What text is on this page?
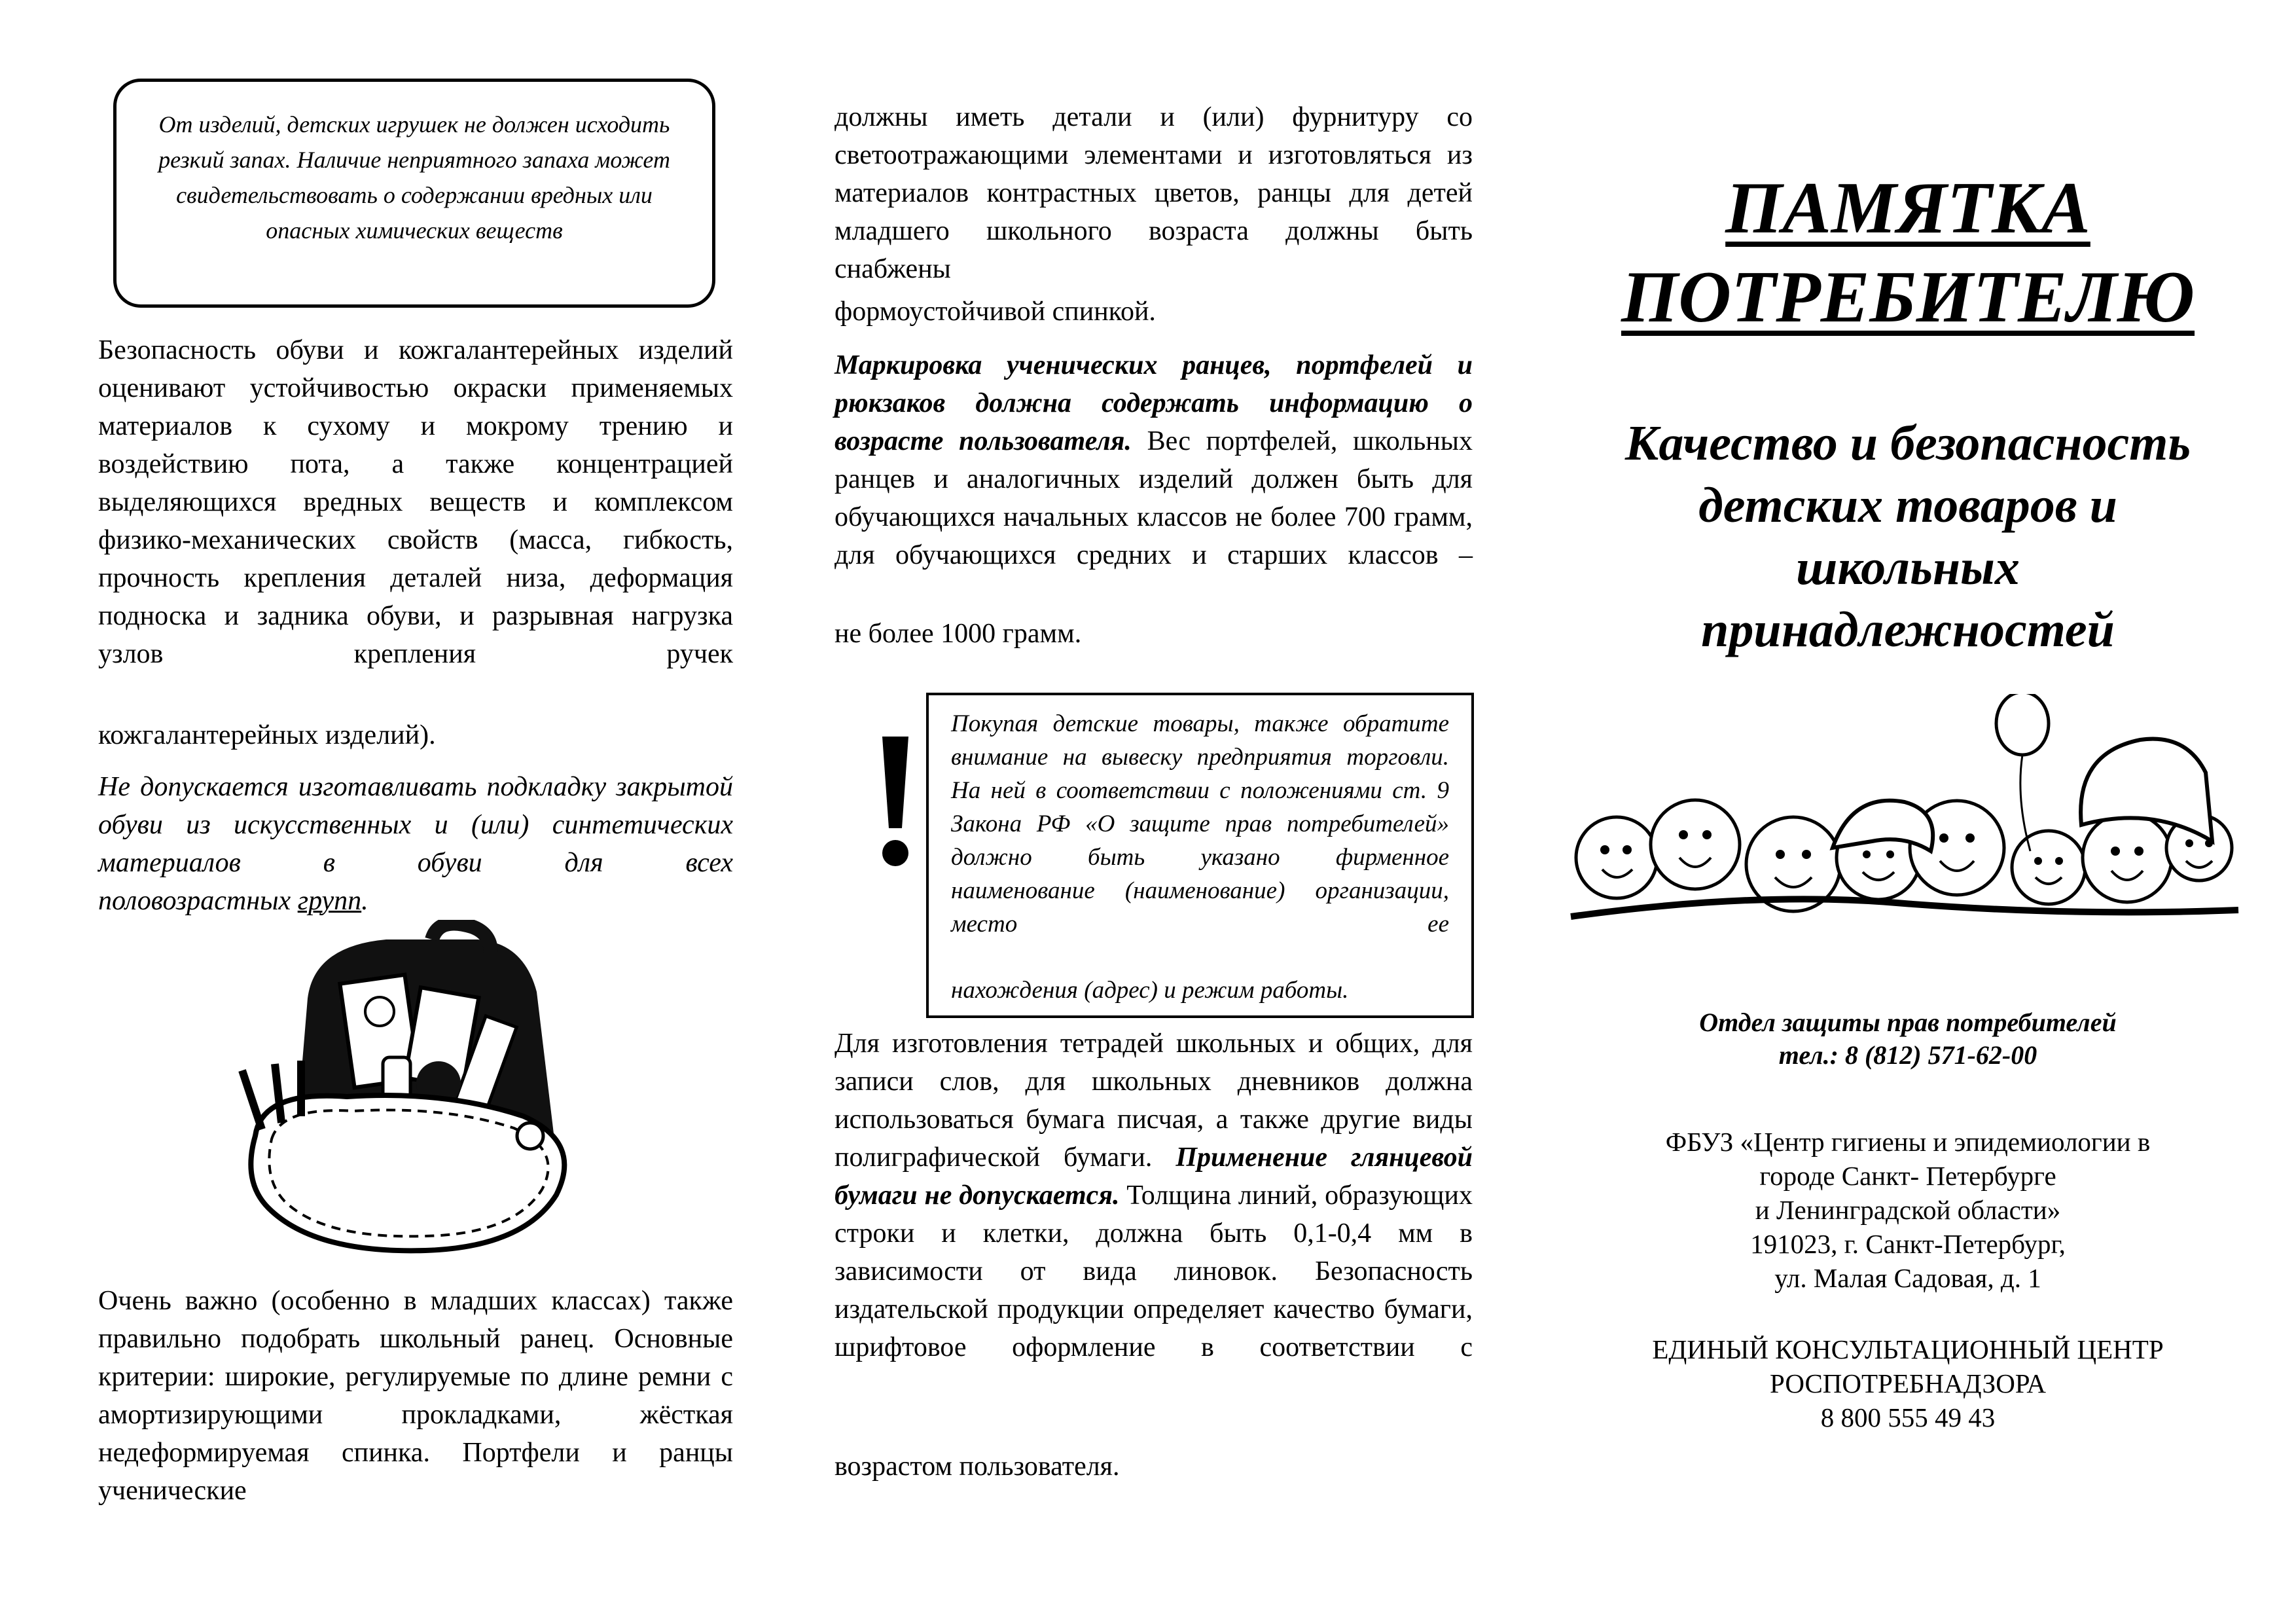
От изделий, детских игрушек не должен исходить резкий запах. Наличие неприятного запаха может свидетельствовать о содержании вредных или опасных химических веществ

Безопасность обуви и кожгалантерейных изделий оценивают устойчивостью окраски применяемых материалов к сухому и мокрому трению и воздействию пота, а также концентрацией выделяющихся вредных веществ и комплексом физико-механических свойств (масса, гибкость, прочность крепления деталей низа, деформация подноска и задника обуви, и разрывная нагрузка узлов крепления ручек

кожгалантерейных изделий).

Не допускается изготавливать подкладку закрытой обуви из искусственных и (или) синтетических материалов в обуви для всех

половозрастных групп.

Очень важно (особенно в младших классах) также правильно подобрать школьный ранец. Основные критерии: широкие, регулируемые по длине ремни с амортизирующими прокладками, жёсткая недеформируемая спинка. Портфели и ранцы ученические

должны иметь детали и (или) фурнитуру со светоотражающими элементами и изготовляться из материалов контрастных цветов, ранцы для детей младшего школьного возраста должны быть снабжены

формоустойчивой спинкой.

Маркировка ученических ранцев, портфелей и рюкзаков должна содержать информацию о возрасте пользователя. Вес портфелей, школьных ранцев и аналогичных изделий должен быть для обучающихся начальных классов не более 700 грамм, для обучающихся средних и старших классов –

не более 1000 грамм.

Покупая детские товары, также обратите внимание на вывеску предприятия торговли. На ней в соответствии с положениями ст. 9 Закона РФ «О защите прав потребителей» должно быть указано фирменное наименование (наименование) организации, место ее

нахождения (адрес) и режим работы.

Для изготовления тетрадей школьных и общих, для записи слов, для школьных дневников должна использоваться бумага писчая, а также другие виды полиграфической бумаги. Применение глянцевой бумаги не допускается. Толщина линий, образующих строки и клетки, должна быть 0,1-0,4 мм в зависимости от вида линовок. Безопасность издательской продукции определяет качество бумаги, шрифтовое оформление в соответствии с

возрастом пользователя.

ПАМЯТКА
ПОТРЕБИТЕЛЮ
Качество и безопасность
детских товаров и
школьных
принадлежностей
Отдел защиты прав потребителей
тел.: 8 (812) 571-62-00
ФБУЗ «Центр гигиены и эпидемиологии в
городе Санкт- Петербурге
и Ленинградской области»
191023, г. Санкт-Петербург,
ул. Малая Садовая, д. 1
ЕДИНЫЙ КОНСУЛЬТАЦИОННЫЙ ЦЕНТР
РОСПОТРЕБНАДЗОРА
8 800 555 49 43
